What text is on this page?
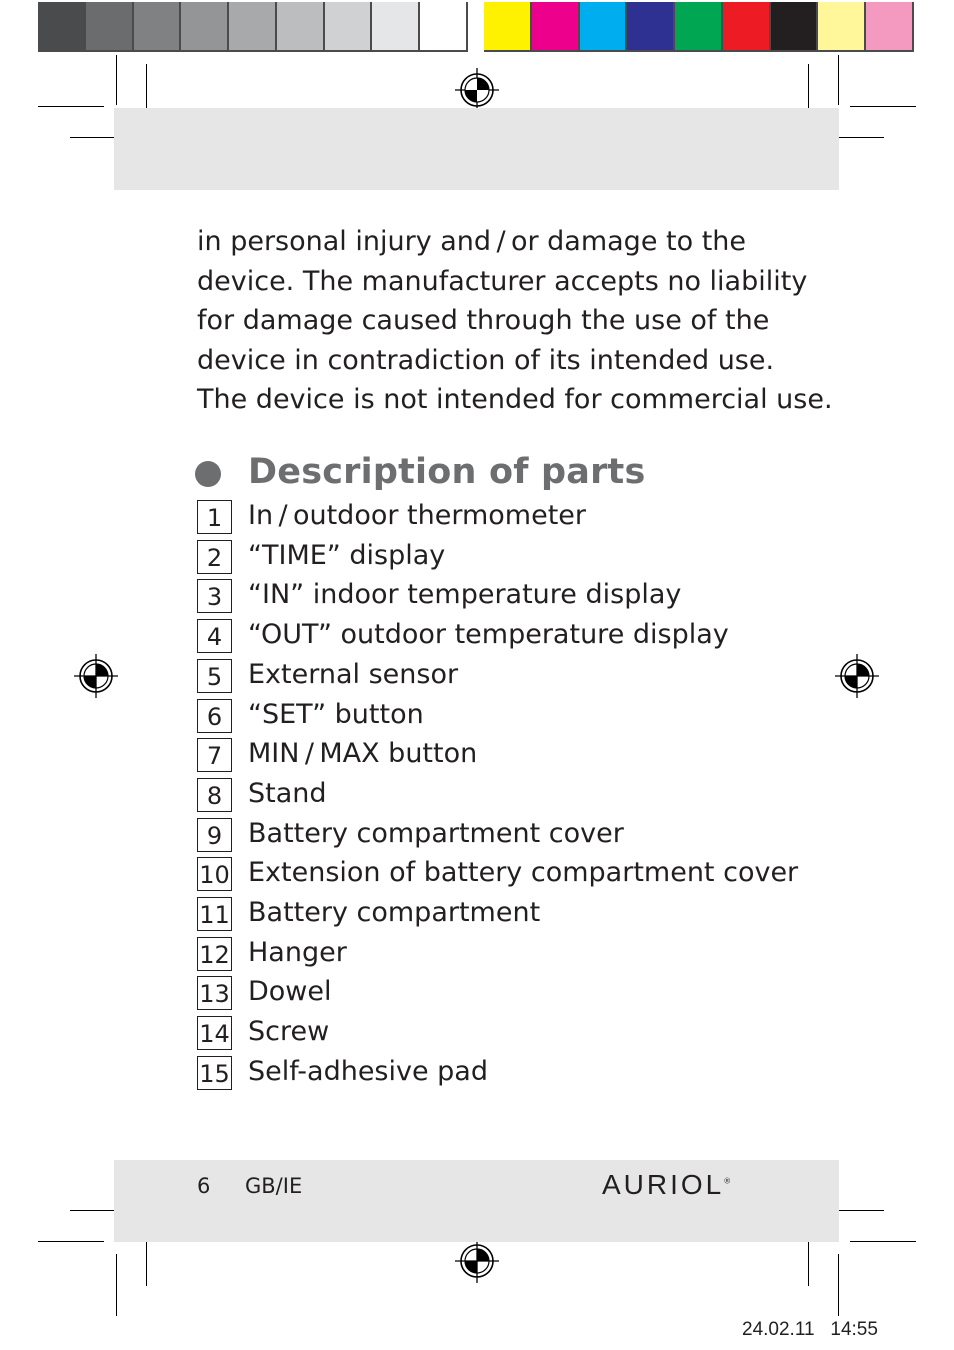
in personal injury and / or damage to the
device. The manufacturer accepts no liability
for damage caused through the use of the
device in contradiction of its intended use.
The device is not intended for commercial use.
Description of parts
1 In / outdoor thermometer
2 “TIME” display
3 “IN” indoor temperature display
4 “OUT” outdoor temperature display
5 External sensor
6 “SET” button
7 MIN / MAX button
8 Stand
9 Battery compartment cover
10 Extension of battery compartment cover
11 Battery compartment
12 Hanger
13 Dowel
14 Screw
15 Self-adhesive pad
6 GB/IE	AURIOL®
24.02.11   14:55
